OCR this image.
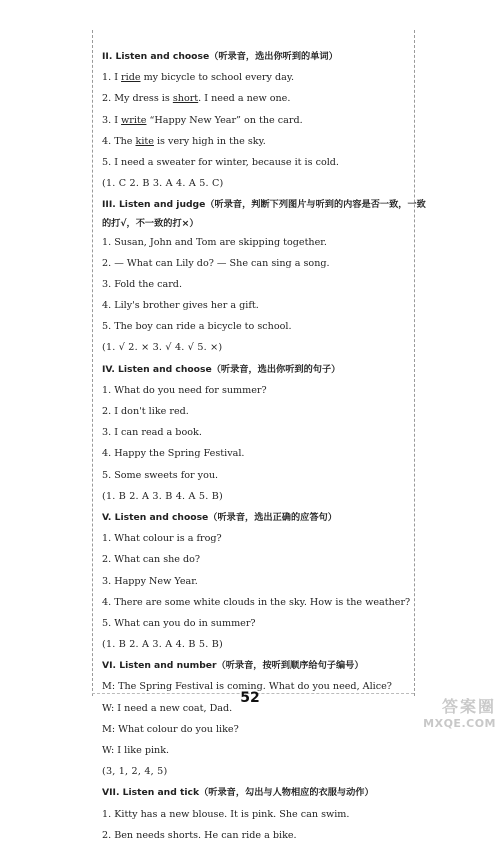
II. Listen and choose（听录音，选出你听到的单词）
1. I ride my bicycle to school every day.
2. My dress is short. I need a new one.
3. I write “Happy New Year” on the card.
4. The kite is very high in the sky.
5. I need a sweater for winter, because it is cold.
(1. C 2. B 3. A 4. A 5. C)
III. Listen and judge（听录音，判断下列图片与听到的内容是否一致，一致
的打√，不一致的打×）
1. Susan, John and Tom are skipping together.
2. — What can Lily do? — She can sing a song.
3. Fold the card.
4. Lily's brother gives her a gift.
5. The boy can ride a bicycle to school.
(1. √ 2. × 3. √ 4. √ 5. ×)
IV. Listen and choose（听录音，选出你听到的句子）
1. What do you need for summer?
2. I don't like red.
3. I can read a book.
4. Happy the Spring Festival.
5. Some sweets for you.
(1. B 2. A 3. B 4. A 5. B)
V. Listen and choose（听录音，选出正确的应答句）
1. What colour is a frog?
2. What can she do?
3. Happy New Year.
4. There are some white clouds in the sky. How is the weather?
5. What can you do in summer?
(1. B 2. A 3. A 4. B 5. B)
VI. Listen and number（听录音，按听到顺序给句子编号）
M: The Spring Festival is coming. What do you need, Alice?
W: I need a new coat, Dad.
M: What colour do you like?
W: I like pink.
(3, 1, 2, 4, 5)
VII. Listen and tick（听录音，勾出与人物相应的衣服与动作）
1. Kitty has a new blouse. It is pink. She can swim.
2. Ben needs shorts. He can ride a bike.
52	答案圈
MXQE.COM
